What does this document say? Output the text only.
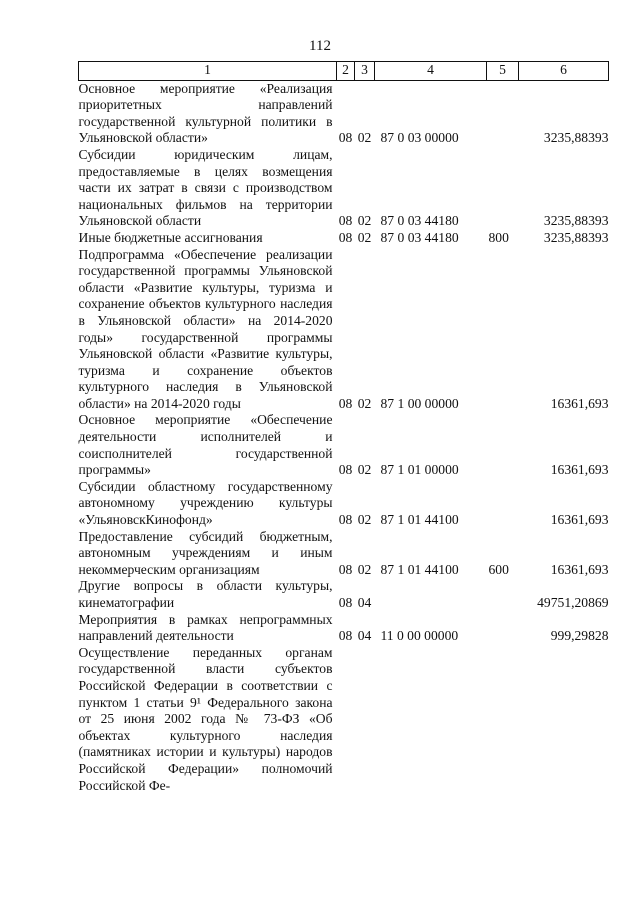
112
1	2	3	4	5	6
Основное мероприятие «Реализация приоритетных направлений государственной культурной политики в Ульяновской области»	08	02	87 0 03 00000		3235,88393
Субсидии юридическим лицам, предоставляемые в целях возмещения части их затрат в связи с производством национальных фильмов на территории Ульяновской области	08	02	87 0 03 44180		3235,88393
Иные бюджетные ассигнования	08	02	87 0 03 44180	800	3235,88393
Подпрограмма «Обеспечение реализации государственной программы Ульяновской области «Развитие культуры, туризма и сохранение объектов культурного наследия в Ульяновской области» на 2014-2020 годы» государственной программы Ульяновской области «Развитие культуры, туризма и сохранение объектов культурного наследия в Ульяновской области» на 2014-2020 годы	08	02	87 1 00 00000		16361,693
Основное мероприятие «Обеспечение деятельности исполнителей и соисполнителей государственной программы»	08	02	87 1 01 00000		16361,693
Субсидии областному государственному автономному учреждению культуры «УльяновскКинофонд»	08	02	87 1 01 44100		16361,693
Предоставление субсидий бюджетным, автономным учреждениям и иным некоммерческим организациям	08	02	87 1 01 44100	600	16361,693
Другие вопросы в области культуры, кинематографии	08	04			49751,20869
Мероприятия в рамках непрограммных направлений деятельности	08	04	11 0 00 00000		999,29828
Осуществление переданных органам государственной власти субъектов Российской Федерации в соответствии с пунктом 1 статьи 9¹ Федерального закона от 25 июня 2002 года № 73-ФЗ «Об объектах культурного наследия (памятниках истории и культуры) народов Российской Федерации» полномочий Российской Фе-					
